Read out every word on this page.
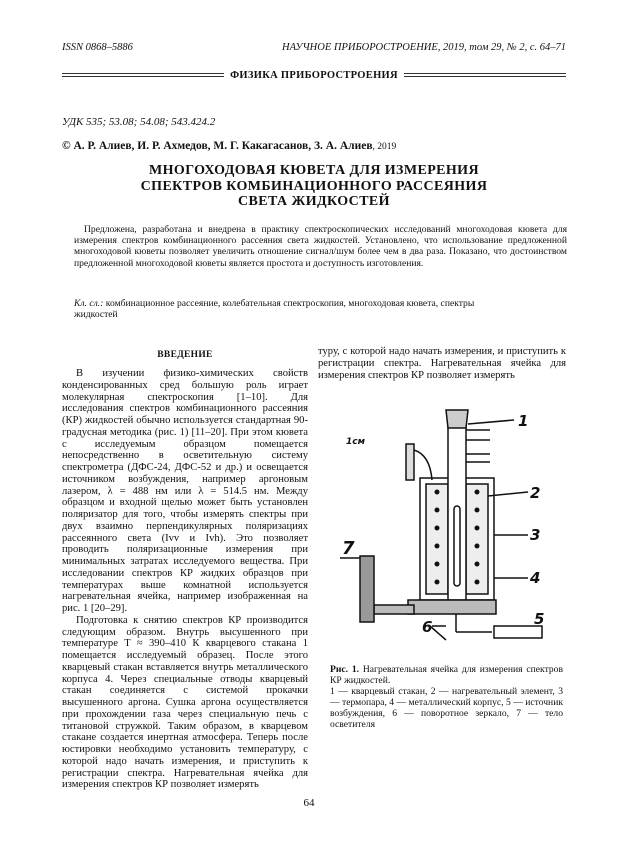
ISSN 0868–5886	НАУЧНОЕ ПРИБОРОСТРОЕНИЕ, 2019, том 29, № 2, с. 64–71
ФИЗИКА ПРИБОРОСТРОЕНИЯ
УДК 535; 53.08; 54.08; 543.424.2
© А. Р. Алиев, И. Р. Ахмедов, М. Г. Какагасанов, З. А. Алиев, 2019
МНОГОХОДОВАЯ КЮВЕТА ДЛЯ ИЗМЕРЕНИЯ
СПЕКТРОВ КОМБИНАЦИОННОГО РАССЕЯНИЯ
СВЕТА ЖИДКОСТЕЙ
Предложена, разработана и внедрена в практику спектроскопических исследований многоходовая кювета для измерения спектров комбинационного рассеяния света жидкостей. Установлено, что использование предложенной многоходовой кюветы позволяет увеличить отношение сигнал/шум более чем в два раза. Показано, что достоинством предложенной многоходовой кюветы является простота и доступность изготовления.
Кл. сл.: комбинационное рассеяние, колебательная спектроскопия, многоходовая кювета, спектры жидкостей
ВВЕДЕНИЕ

В изучении физико-химических свойств конденсированных сред большую роль играет молекулярная спектроскопия [1–10]. Для исследования спектров комбинационного рассеяния (КР) жидкостей обычно используется стандартная 90-градусная методика (рис. 1) [11–20]. При этом кювета с исследуемым образцом помещается непосредственно в осветительную систему спектрометра (ДФС-24, ДФС-52 и др.) и освещается источником возбуждения, например аргоновым лазером, λ = 488 нм или λ = 514.5 нм. Между образцом и входной щелью может быть установлен поляризатор для того, чтобы измерять спектры при двух взаимно перпендикулярных поляризациях рассеянного света (Ivv и Ivh). Это позволяет проводить поляризационные измерения при минимальных затратах исследуемого вещества. При исследовании спектров КР жидких образцов при температурах выше комнатной используется нагревательная ячейка, например изображенная на рис. 1 [20–29].

Подготовка к снятию спектров КР производится следующим образом. Внутрь высушенного при температуре T ≈ 390–410 К кварцевого стакана 1 помещается исследуемый образец. После этого кварцевый стакан вставляется внутрь металлического корпуса 4. Через специальные отводы кварцевый стакан соединяется с системой прокачки высушенного аргона. Сушка аргона осуществляется при прохождении газа через специальную печь с титановой стружкой. Таким образом, в кварцевом стакане создается инертная атмосфера. Теперь после юстировки необходимо установить температуру, с которой надо начать измерения, и приступить к регистрации спектра. Нагревательная ячейка для измерения спектров КР позволяет измерять

туру, с которой надо начать измерения, и приступить к регистрации спектра. Нагревательная ячейка для измерения спектров КР позволяет измерять

1см
1
2
3
4
5
6
7
Рис. 1. Нагревательная ячейка для измерения спектров КР жидкостей.
1 — кварцевый стакан, 2 — нагревательный элемент, 3 — термопара, 4 — металлический корпус, 5 — источник возбуждения, 6 — поворотное зеркало, 7 — тело осветителя
64
